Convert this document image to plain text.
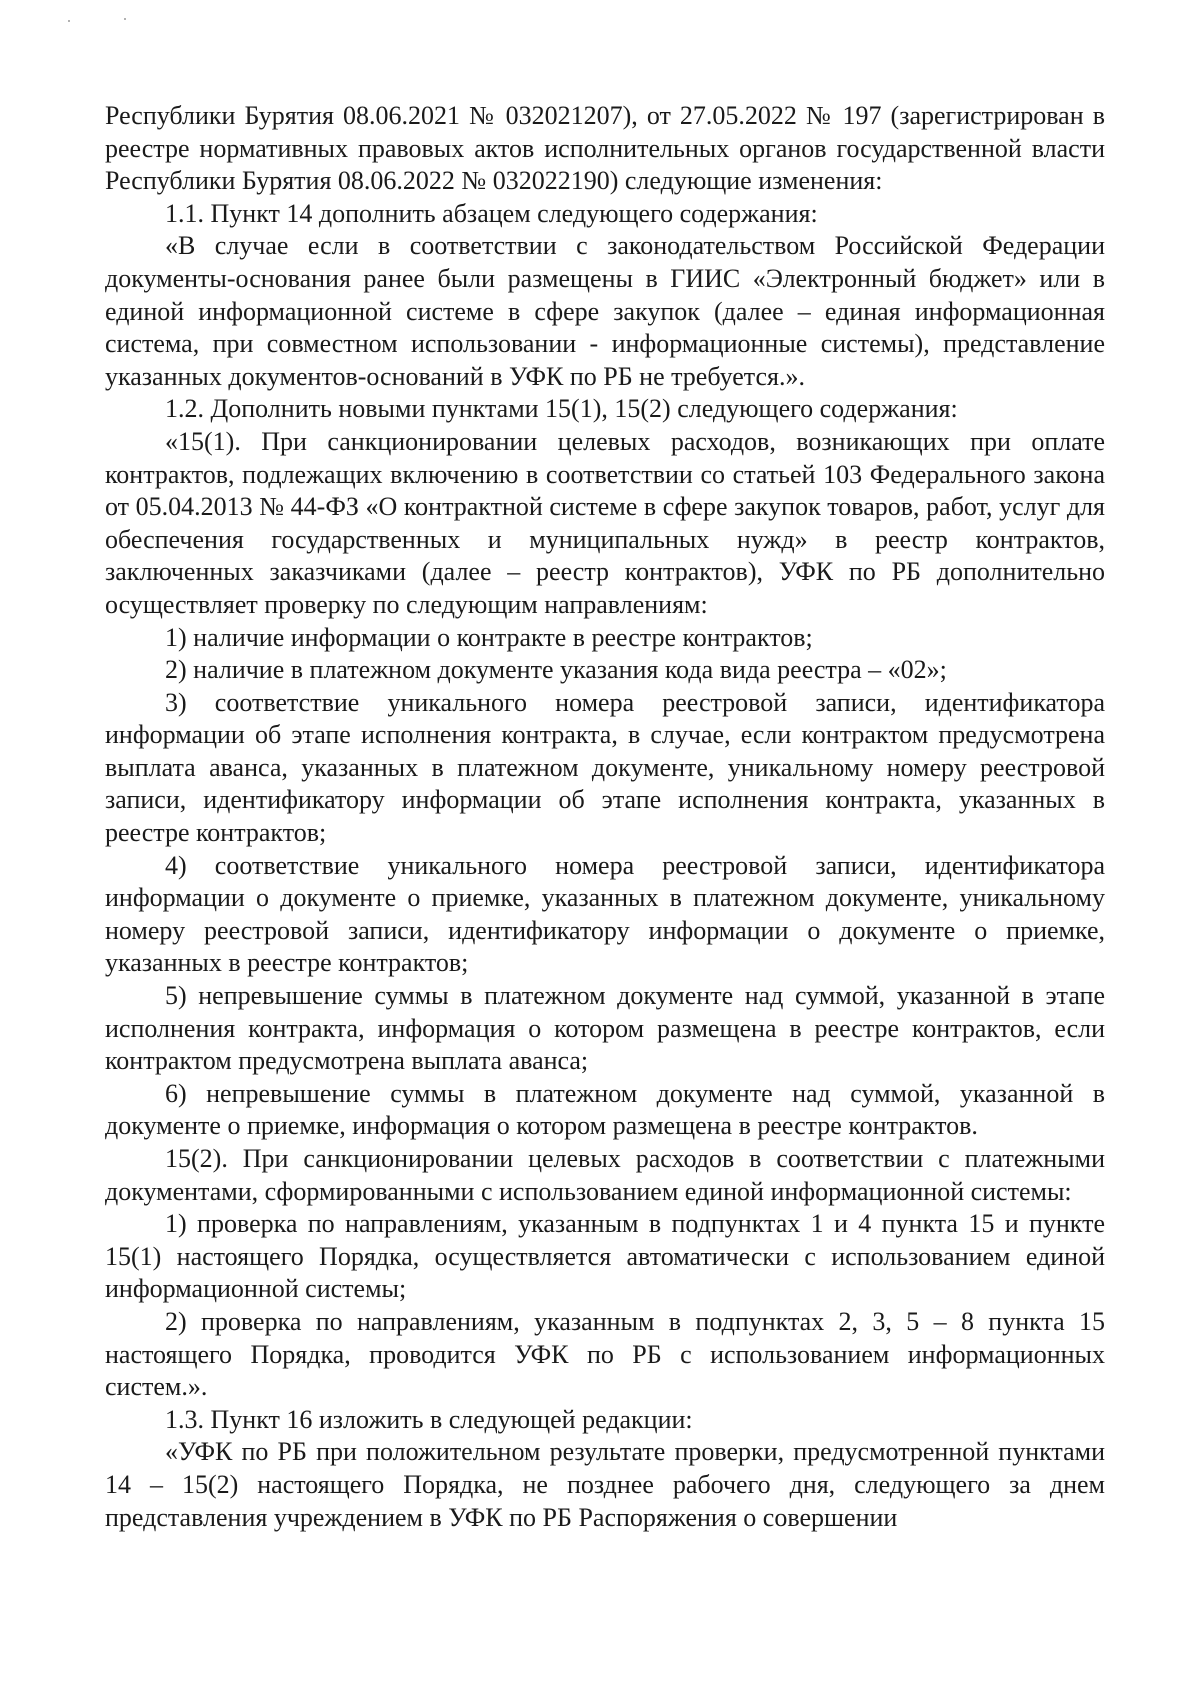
Республики Бурятия 08.06.2021 № 032021207), от 27.05.2022 № 197 (зарегистрирован в реестре нормативных правовых актов исполнительных органов государственной власти Республики Бурятия 08.06.2022 № 032022190) следующие изменения:

1.1. Пункт 14 дополнить абзацем следующего содержания:

«В случае если в соответствии с законодательством Российской Федерации документы-основания ранее были размещены в ГИИС «Электронный бюджет» или в единой информационной системе в сфере закупок (далее – единая информационная система, при совместном использовании - информационные системы), представление указанных документов-оснований в УФК по РБ не требуется.».

1.2. Дополнить новыми пунктами 15(1), 15(2) следующего содержания:

«15(1). При санкционировании целевых расходов, возникающих при оплате контрактов, подлежащих включению в соответствии со статьей 103 Федерального закона от 05.04.2013 № 44-ФЗ «О контрактной системе в сфере закупок товаров, работ, услуг для обеспечения государственных и муниципальных нужд» в реестр контрактов, заключенных заказчиками (далее – реестр контрактов), УФК по РБ дополнительно осуществляет проверку по следующим направлениям:

1) наличие информации о контракте в реестре контрактов;

2) наличие в платежном документе указания кода вида реестра – «02»;

3) соответствие уникального номера реестровой записи, идентификатора информации об этапе исполнения контракта, в случае, если контрактом предусмотрена выплата аванса, указанных в платежном документе, уникальному номеру реестровой записи, идентификатору информации об этапе исполнения контракта, указанных в реестре контрактов;

4) соответствие уникального номера реестровой записи, идентификатора информации о документе о приемке, указанных в платежном документе, уникальному номеру реестровой записи, идентификатору информации о документе о приемке, указанных в реестре контрактов;

5) непревышение суммы в платежном документе над суммой, указанной в этапе исполнения контракта, информация о котором размещена в реестре контрактов, если контрактом предусмотрена выплата аванса;

6) непревышение суммы в платежном документе над суммой, указанной в документе о приемке, информация о котором размещена в реестре контрактов.

15(2). При санкционировании целевых расходов в соответствии с платежными документами, сформированными с использованием единой информационной системы:

1) проверка по направлениям, указанным в подпунктах 1 и 4 пункта 15 и пункте 15(1) настоящего Порядка, осуществляется автоматически с использованием единой информационной системы;

2) проверка по направлениям, указанным в подпунктах 2, 3, 5 – 8 пункта 15 настоящего Порядка, проводится УФК по РБ с использованием информационных систем.».

1.3. Пункт 16 изложить в следующей редакции:

«УФК по РБ при положительном результате проверки, предусмотренной пунктами 14 – 15(2) настоящего Порядка, не позднее рабочего дня, следующего за днем представления учреждением в УФК по РБ Распоряжения о совершении
